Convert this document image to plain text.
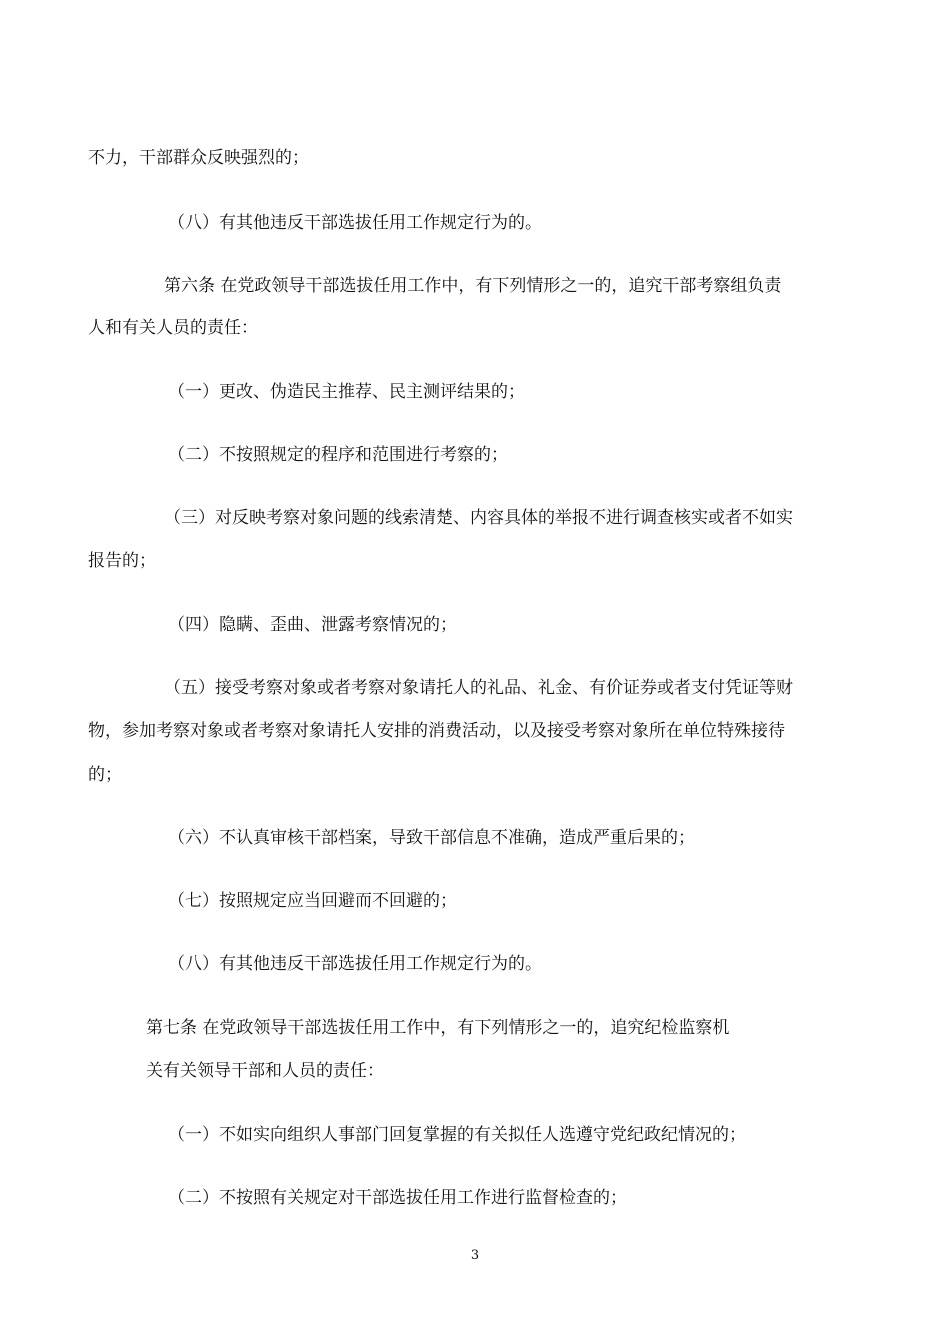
不力，干部群众反映强烈的；

（八）有其他违反干部选拔任用工作规定行为的。

第六条 在党政领导干部选拔任用工作中，有下列情形之一的，追究干部考察组负责

人和有关人员的责任：

（一）更改、伪造民主推荐、民主测评结果的；

（二）不按照规定的程序和范围进行考察的；

（三）对反映考察对象问题的线索清楚、内容具体的举报不进行调查核实或者不如实

报告的；

（四）隐瞒、歪曲、泄露考察情况的；

（五）接受考察对象或者考察对象请托人的礼品、礼金、有价证券或者支付凭证等财

物，参加考察对象或者考察对象请托人安排的消费活动，以及接受考察对象所在单位特殊接待

的；

（六）不认真审核干部档案，导致干部信息不准确，造成严重后果的；

（七）按照规定应当回避而不回避的；

（八）有其他违反干部选拔任用工作规定行为的。

第七条 在党政领导干部选拔任用工作中，有下列情形之一的，追究纪检监察机

关有关领导干部和人员的责任：

（一）不如实向组织人事部门回复掌握的有关拟任人选遵守党纪政纪情况的；

（二）不按照有关规定对干部选拔任用工作进行监督检查的；

3
